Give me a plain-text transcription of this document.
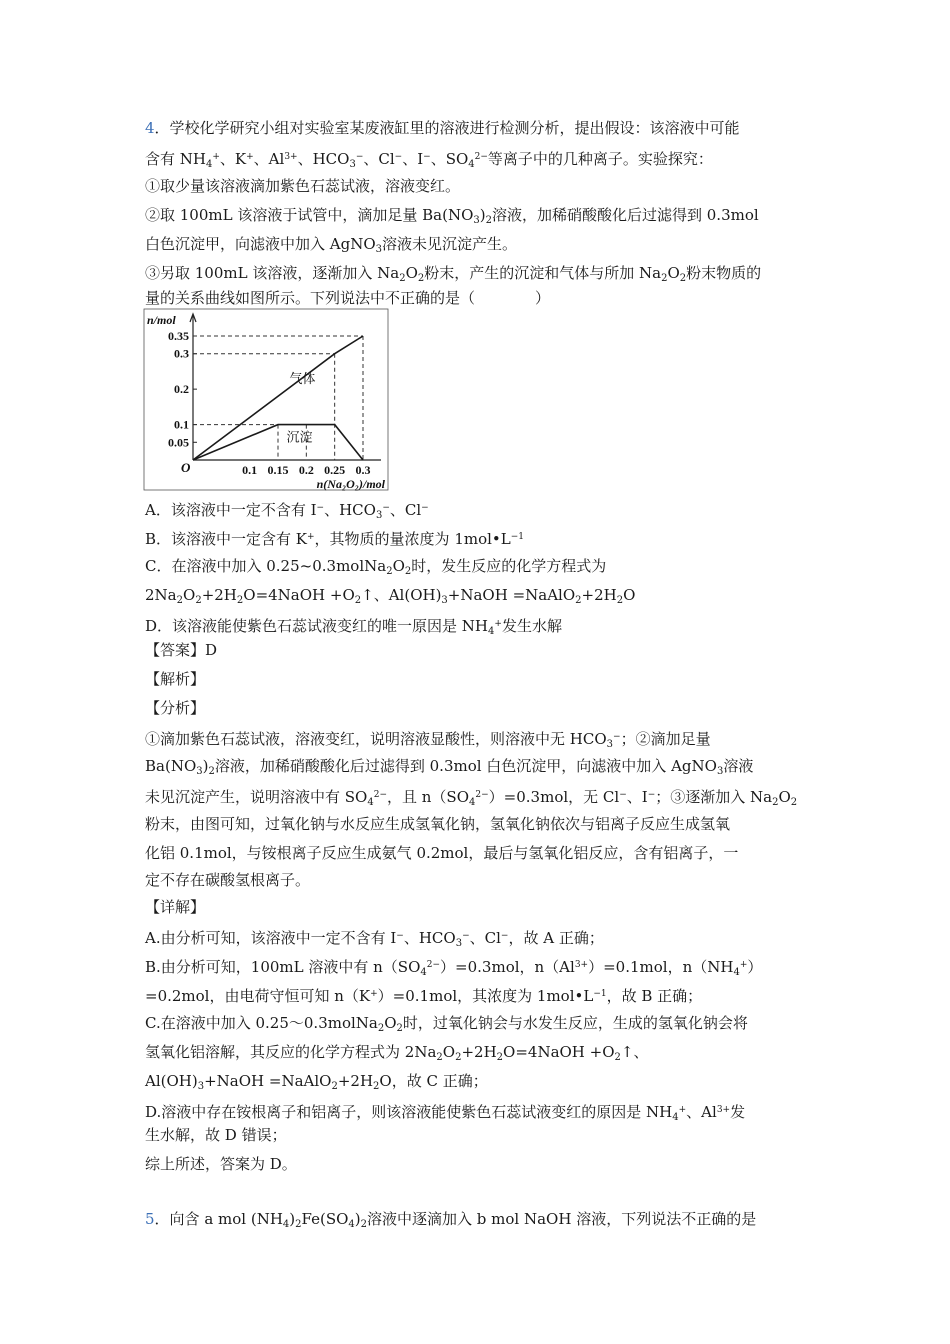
4．学校化学研究小组对实验室某废液缸里的溶液进行检测分析，提出假设：该溶液中可能
含有 $NH_4^+$、K+、$Al^{3+}$、$HCO_3^-$、Cl−、I−、$SO_4^{2-}$等离子中的几种离子。实验探究：
①取少量该溶液滴加紫色石蕊试液，溶液变红。
②取 100mL 该溶液于试管中，滴加足量 $Ba(NO_3)_2$溶液，加稀硝酸酸化后过滤得到 0.3mol
白色沉淀甲，向滤液中加入 AgNO$_3$溶液未见沉淀产生。
③另取 100mL 该溶液，逐渐加入 $Na_2O_2$粉末，产生的沉淀和气体与所加 $Na_2O_2$粉末物质的
量的关系曲线如图所示。下列说法中不正确的是（　　　　）
气体
沉淀
0.05
0.1
0.2
0.3
0.35
0.1 0.15 0.2 0.25 0.3
O
n/mol
n(Na₂O₂)/mol
A．该溶液中一定不含有 I−、$HCO_3^-$、Cl−
B．该溶液中一定含有 K+，其物质的量浓度为 $1mol•L^{-1}$
C．在溶液中加入 $0.25\sim 0.3molNa_2O_2$时，发生反应的化学方程式为
$2Na_2O_2+2H_2O=4NaOH$ $+O_2↑$、$Al(OH)_3+NaOH$ $=NaAlO_2+2H_2O$
D．该溶液能使紫色石蕊试液变红的唯一原因是 $NH_4^+$发生水解
【答案】D
【解析】
【分析】
①滴加紫色石蕊试液，溶液变红，说明溶液显酸性，则溶液中无 $HCO_3^-$；②滴加足量
$Ba(NO_3)_2$溶液，加稀硝酸酸化后过滤得到 0.3mol 白色沉淀甲，向滤液中加入 AgNO$_3$溶液
未见沉淀产生，说明溶液中有 $SO_4^{2-}$，且 $n(SO_4^{2-})=0.3mol$，无 Cl−、I−；③逐渐加入 $Na_2O_2$
粉末，由图可知，过氧化钠与水反应生成氢氧化钠，氢氧化钠依次与铝离子反应生成氢氧
化铝 0.1mol，与铵根离子反应生成氨气 0.2mol，最后与氢氧化铝反应，含有铝离子，一
定不存在碳酸氢根离子。
【详解】
A.由分析可知，该溶液中一定不含有 I−、$HCO_3^-$、Cl−，故 A 正确；
B.由分析可知，100mL 溶液中有 $n(SO_4^{2-})=0.3mol$，$n(Al^{3+})=0.1mol$，$n(NH_4^+)$
=0.2mol，由电荷守恒可知 n（K+）=0.1mol，其浓度为 $1mol•L^{-1}$，故 B 正确；
C.在溶液中加入 $0.25\sim 0.3molNa_2O_2$时，过氧化钠会与水发生反应，生成的氢氧化钠会将
氢氧化铝溶解，其反应的化学方程式为 $2Na_2O_2+2H_2O=4NaOH$ $+O_2↑$、
$Al(OH)_3+NaOH$ $=NaAlO_2+2H_2O$，故 C 正确；
D.溶液中存在铵根离子和铝离子，则该溶液能使紫色石蕊试液变红的原因是 $NH_4^+$、$Al^{3+}$发
生水解，故 D 错误；
综上所述，答案为 D。
5．向含 a mol $(NH_4)_2Fe(SO_4)_2$溶液中逐滴加入 b mol NaOH 溶液，下列说法不正确的是
